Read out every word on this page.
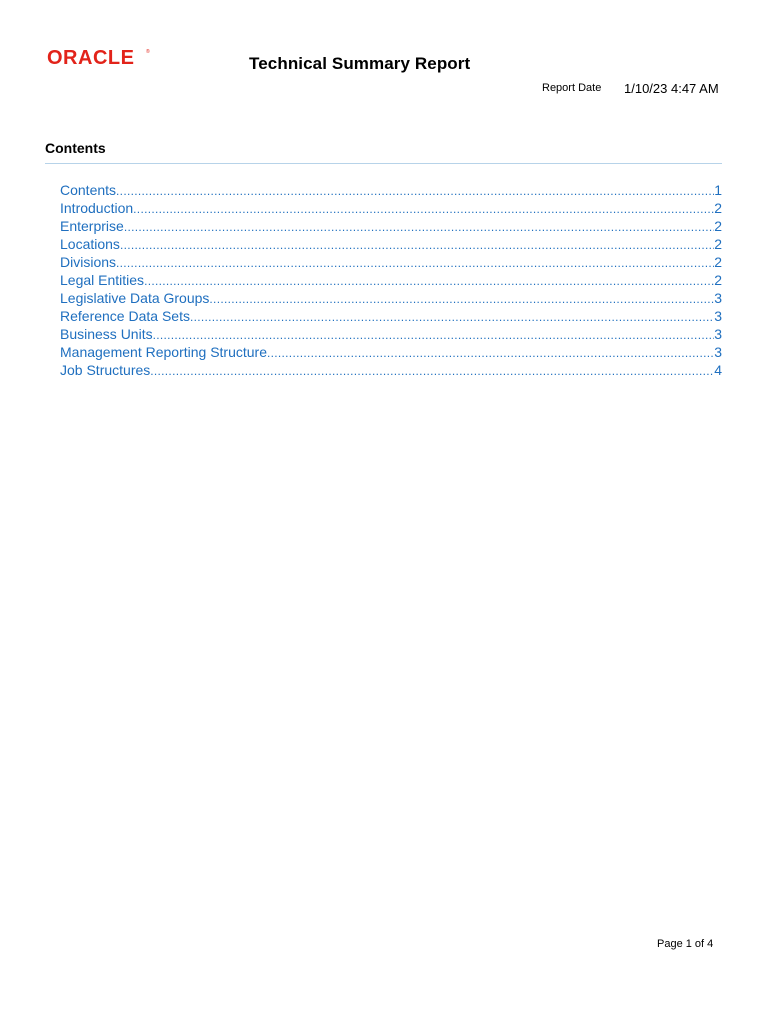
ORACLE ®
Technical Summary Report
Report Date 1/10/23 4:47 AM
Contents
Contents .....	1
Introduction .....	2
Enterprise .....	2
Locations .....	2
Divisions .....	2
Legal Entities .....	2
Legislative Data Groups .....	3
Reference Data Sets .....	3
Business Units .....	3
Management Reporting Structure .....	3
Job Structures .....	4
Page 1 of 4
